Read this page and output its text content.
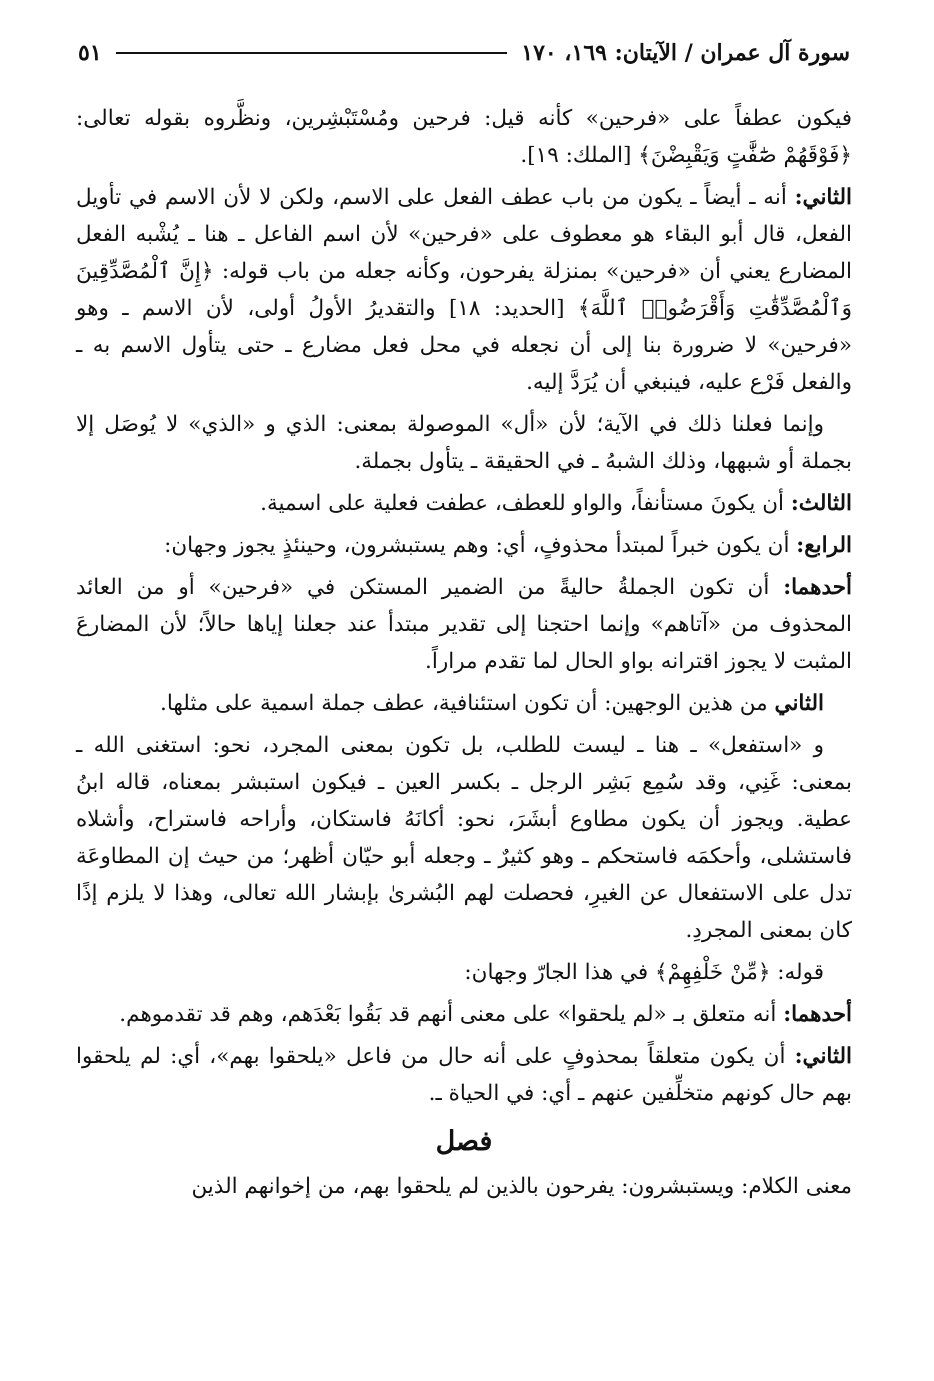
سورة آل عمران / الآيتان: ١٦٩، ١٧٠
٥١

فيكون عطفاً على «فرحين» كأنه قيل: فرحين ومُسْتَبْشِرين، ونظَّروه بقوله تعالى: ﴿فَوْقَهُمْ صَٰٓفَّٰتٍ وَيَقْبِضْنَ﴾ [الملك: ١٩].

الثاني: أنه ـ أيضاً ـ يكون من باب عطف الفعل على الاسم، ولكن لا لأن الاسم في تأويل الفعل، قال أبو البقاء هو معطوف على «فرحين» لأن اسم الفاعل ـ هنا ـ يُشْبه الفعل المضارع يعني أن «فرحين» بمنزلة يفرحون، وكأنه جعله من باب قوله: ﴿إِنَّ ٱلْمُصَّدِّقِينَ وَٱلْمُصَّدِّقَٰتِ وَأَقْرَضُوا۟ ٱللَّهَ﴾ [الحديد: ١٨] والتقديرُ الأولُ أولى، لأن الاسم ـ وهو «فرحين» لا ضرورة بنا إلى أن نجعله في محل فعل مضارع ـ حتى يتأول الاسم به ـ والفعل فَرْع عليه، فينبغي أن يُرَدَّ إليه.

وإنما فعلنا ذلك في الآية؛ لأن «أل» الموصولة بمعنى: الذي و «الذي» لا يُوصَل إلا بجملة أو شبهها، وذلك الشبهُ ـ في الحقيقة ـ يتأول بجملة.

الثالث: أن يكونَ مستأنفاً، والواو للعطف، عطفت فعلية على اسمية.

الرابع: أن يكون خبراً لمبتدأ محذوفٍ، أي: وهم يستبشرون، وحينئذٍ يجوز وجهان:

أحدهما: أن تكون الجملةُ حاليةً من الضمير المستكن في «فرحين» أو من العائد المحذوف من «آتاهم» وإنما احتجنا إلى تقدير مبتدأ عند جعلنا إياها حالاً؛ لأن المضارعَ المثبت لا يجوز اقترانه بواو الحال لما تقدم مراراً.

الثاني من هذين الوجهين: أن تكون استئنافية، عطف جملة اسمية على مثلها.

و «استفعل» ـ هنا ـ ليست للطلب، بل تكون بمعنى المجرد، نحو: استغنى الله ـ بمعنى: غَنِي، وقد سُمِع بَشِر الرجل ـ بكسر العين ـ فيكون استبشر بمعناه، قاله ابنُ عطية. ويجوز أن يكون مطاوع أبشَرَ، نحو: أكانَهُ فاستكان، وأراحه فاستراح، وأشلاه فاستشلى، وأحكمَه فاستحكم ـ وهو كثيرٌ ـ وجعله أبو حيّان أظهر؛ من حيث إن المطاوعَة تدل على الاستفعال عن الغيرِ، فحصلت لهم البُشرىٰ بإبشار الله تعالى، وهذا لا يلزم إذًا كان بمعنى المجردِ.

قوله: ﴿مِّنْ خَلْفِهِمْ﴾ في هذا الجارّ وجهان:

أحدهما: أنه متعلق بـ «لم يلحقوا» على معنى أنهم قد بَقُوا بَعْدَهم، وهم قد تقدموهم.

الثاني: أن يكون متعلقاً بمحذوفٍ على أنه حال من فاعل «يلحقوا بهم»، أي: لم يلحقوا بهم حال كونهم متخلِّفين عنهم ـ أي: في الحياة ـ.

فصل

معنى الكلام: ويستبشرون: يفرحون بالذين لم يلحقوا بهم، من إخوانهم الذين
